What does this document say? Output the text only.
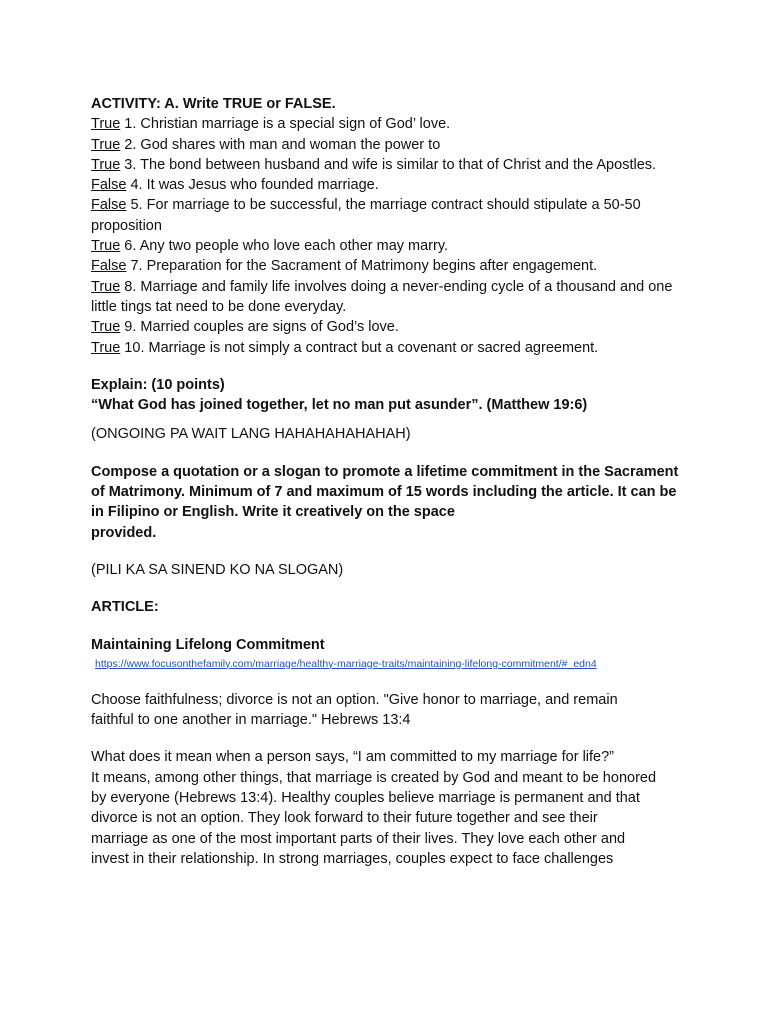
ACTIVITY: A. Write TRUE or FALSE.

True 1. Christian marriage is a special sign of God’ love.

True 2. God shares with man and woman the power to

True 3. The bond between husband and wife is similar to that of Christ and the Apostles.

False 4. It was Jesus who founded marriage.

False 5. For marriage to be successful, the marriage contract should stipulate a 50-50 proposition

True 6. Any two people who love each other may marry.

False 7. Preparation for the Sacrament of Matrimony begins after engagement.

True 8. Marriage and family life involves doing a never-ending cycle of a thousand and one little tings tat need to be done everyday.

True 9. Married couples are signs of God’s love.

True 10. Marriage is not simply a contract but a covenant or sacred agreement.

Explain: (10 points)

“What God has joined together, let no man put asunder”. (Matthew 19:6)

(ONGOING PA WAIT LANG HAHAHAHAHAHAH)

Compose a quotation or a slogan to promote a lifetime commitment in the Sacrament

of Matrimony. Minimum of 7 and maximum of 15 words including the article. It can be

in Filipino or English. Write it creatively on the space

provided.

(PILI KA SA SINEND KO NA SLOGAN)

ARTICLE:

Maintaining Lifelong Commitment

https://www.focusonthefamily.com/marriage/healthy-marriage-traits/maintaining-lifelong-commitment/#_edn4

Choose faithfulness; divorce is not an option. "Give honor to marriage, and remain

faithful to one another in marriage." Hebrews 13:4

What does it mean when a person says, “I am committed to my marriage for life?”

It means, among other things, that marriage is created by God and meant to be honored

by everyone (Hebrews 13:4). Healthy couples believe marriage is permanent and that

divorce is not an option. They look forward to their future together and see their

marriage as one of the most important parts of their lives. They love each other and

invest in their relationship. In strong marriages, couples expect to face challenges
